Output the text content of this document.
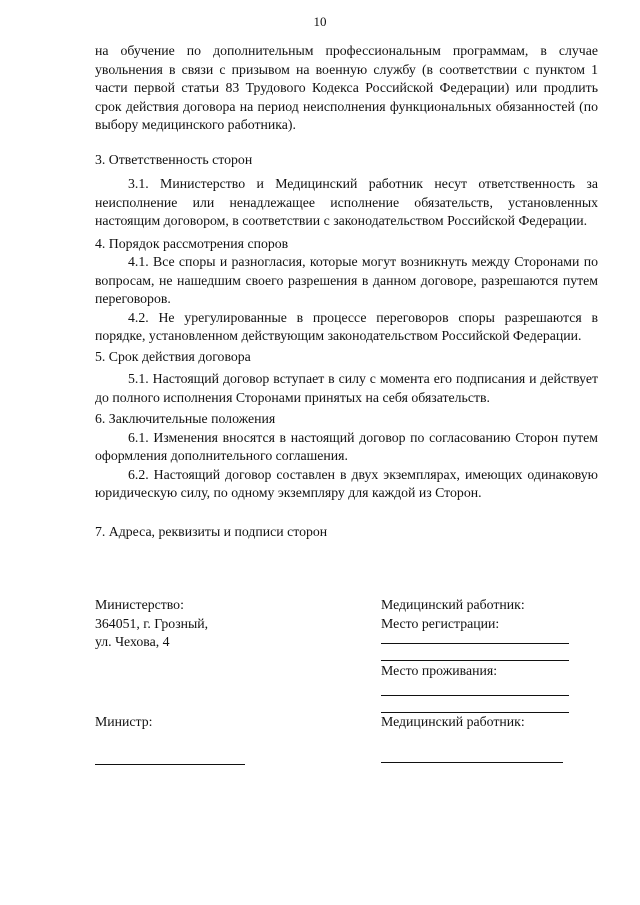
10

на обучение по дополнительным профессиональным программам, в случае увольнения в связи с призывом на военную службу (в соответствии с пунктом 1 части первой статьи 83 Трудового Кодекса Российской Федерации) или продлить срок действия договора на период неисполнения функциональных обязанностей (по выбору медицинского работника).

3. Ответственность сторон

3.1. Министерство и Медицинский работник несут ответственность за неисполнение или ненадлежащее исполнение обязательств, установленных настоящим договором, в соответствии с законодательством Российской Федерации.

4. Порядок рассмотрения споров

4.1. Все споры и разногласия, которые могут возникнуть между Сторонами по вопросам, не нашедшим своего разрешения в данном договоре, разрешаются путем переговоров.

4.2. Не урегулированные в процессе переговоров споры разрешаются в порядке, установленном действующим законодательством Российской Федерации.

5. Срок действия договора

5.1. Настоящий договор вступает в силу с момента его подписания и действует до полного исполнения Сторонами принятых на себя обязательств.

6. Заключительные положения

6.1. Изменения вносятся в настоящий договор по согласованию Сторон путем оформления дополнительного соглашения.

6.2. Настоящий договор составлен в двух экземплярах, имеющих одинаковую юридическую силу, по одному экземпляру для каждой из Сторон.

7. Адреса, реквизиты и подписи сторон

Министерство:
364051, г. Грозный,
ул. Чехова, 4
Медицинский работник:
Место регистрации:
Место проживания:
Министр:	Медицинский работник:
